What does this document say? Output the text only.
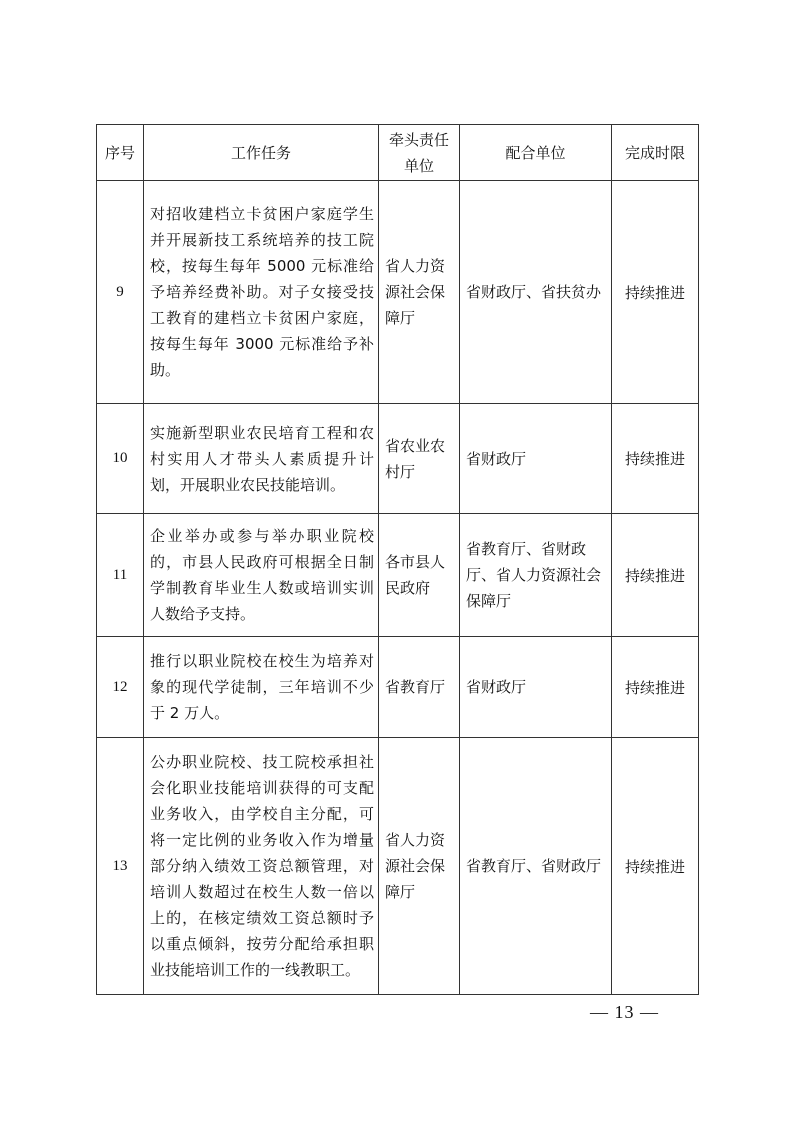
序号	工作任务	牵头责任单位	配合单位	完成时限
9	对招收建档立卡贫困户家庭学生并开展新技工系统培养的技工院校，按每生每年 5000 元标准给予培养经费补助。对子女接受技工教育的建档立卡贫困户家庭，按每生每年 3000 元标准给予补助。	省人力资源社会保障厅	省财政厅、省扶贫办	持续推进
10	实施新型职业农民培育工程和农村实用人才带头人素质提升计划，开展职业农民技能培训。	省农业农村厅	省财政厅	持续推进
11	企业举办或参与举办职业院校的，市县人民政府可根据全日制学制教育毕业生人数或培训实训人数给予支持。	各市县人民政府	省教育厅、省财政厅、省人力资源社会保障厅	持续推进
12	推行以职业院校在校生为培养对象的现代学徒制，三年培训不少于 2 万人。	省教育厅	省财政厅	持续推进
13	公办职业院校、技工院校承担社会化职业技能培训获得的可支配业务收入，由学校自主分配，可将一定比例的业务收入作为增量部分纳入绩效工资总额管理，对培训人数超过在校生人数一倍以上的，在核定绩效工资总额时予以重点倾斜，按劳分配给承担职业技能培训工作的一线教职工。	省人力资源社会保障厅	省教育厅、省财政厅	持续推进
— 13 —
